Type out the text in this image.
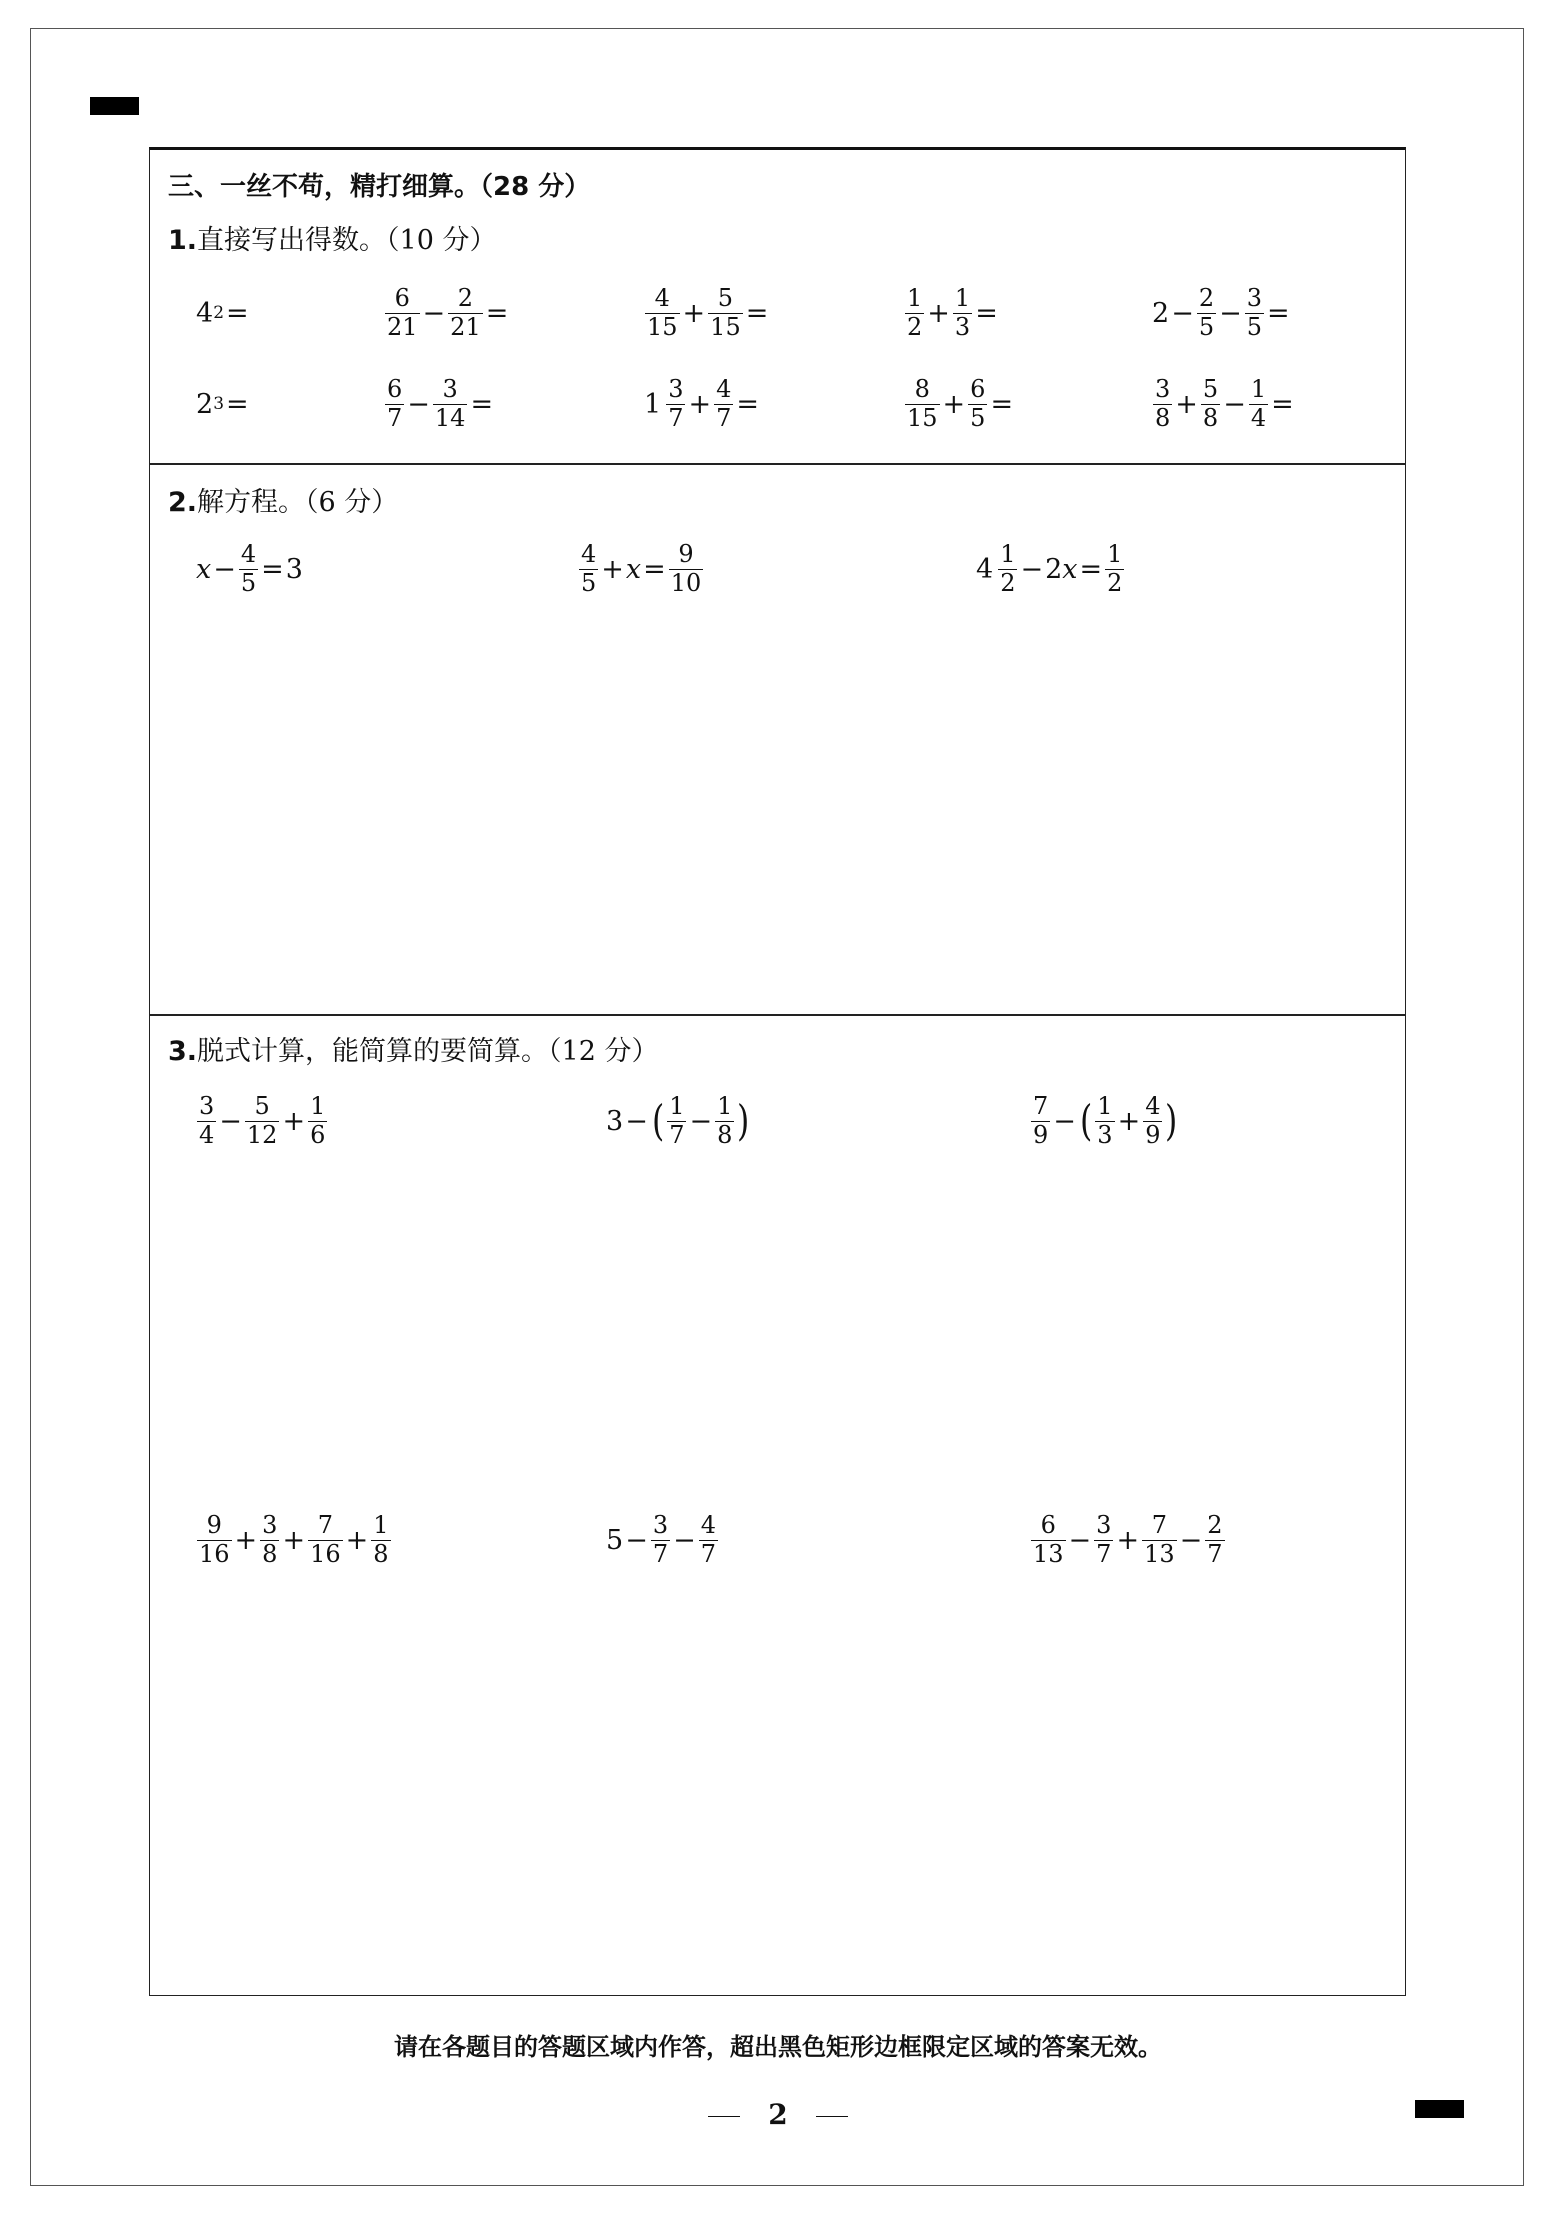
三、一丝不苟，精打细算。（28 分）
1.直接写出得数。（10 分）
4 2 =	$\frac{6}{21} - \frac{2}{21}$ =	$\frac{4}{15} + \frac{5}{15}$ =	$\frac{1}{2} + \frac{1}{3}$ =	$2 - \frac{2}{5} - \frac{3}{5}$ =
2 3 =	$\frac{6}{7} - \frac{3}{14}$ =	$1 \frac{3}{7} + \frac{4}{7}$ =	$\frac{8}{15} + \frac{6}{5}$ =	$\frac{3}{8} + \frac{5}{8} - \frac{1}{4}$ =
2.解方程。（6 分）
$x - \frac{4}{5} = 3$	$\frac{4}{5} + x = \frac{9}{10}$	$4 \frac{1}{2} - 2$ $x = \frac{1}{2}$
3.脱式计算，能简算的要简算。（12 分）
$\frac{3}{4} - \frac{5}{12} + \frac{1}{6}$	3 − ( $\frac{1}{7} - \frac{1}{8}$ )	$\frac{7}{9}$ − ( $\frac{1}{3} + \frac{4}{9}$ )
$\frac{9}{16} + \frac{3}{8} + \frac{7}{16} + \frac{1}{8}$	$5 - \frac{3}{7} - \frac{4}{7}$	$\frac{6}{13} - \frac{3}{7} + \frac{7}{13} - \frac{2}{7}$
请在各题目的答题区域内作答，超出黑色矩形边框限定区域的答案无效。
2
